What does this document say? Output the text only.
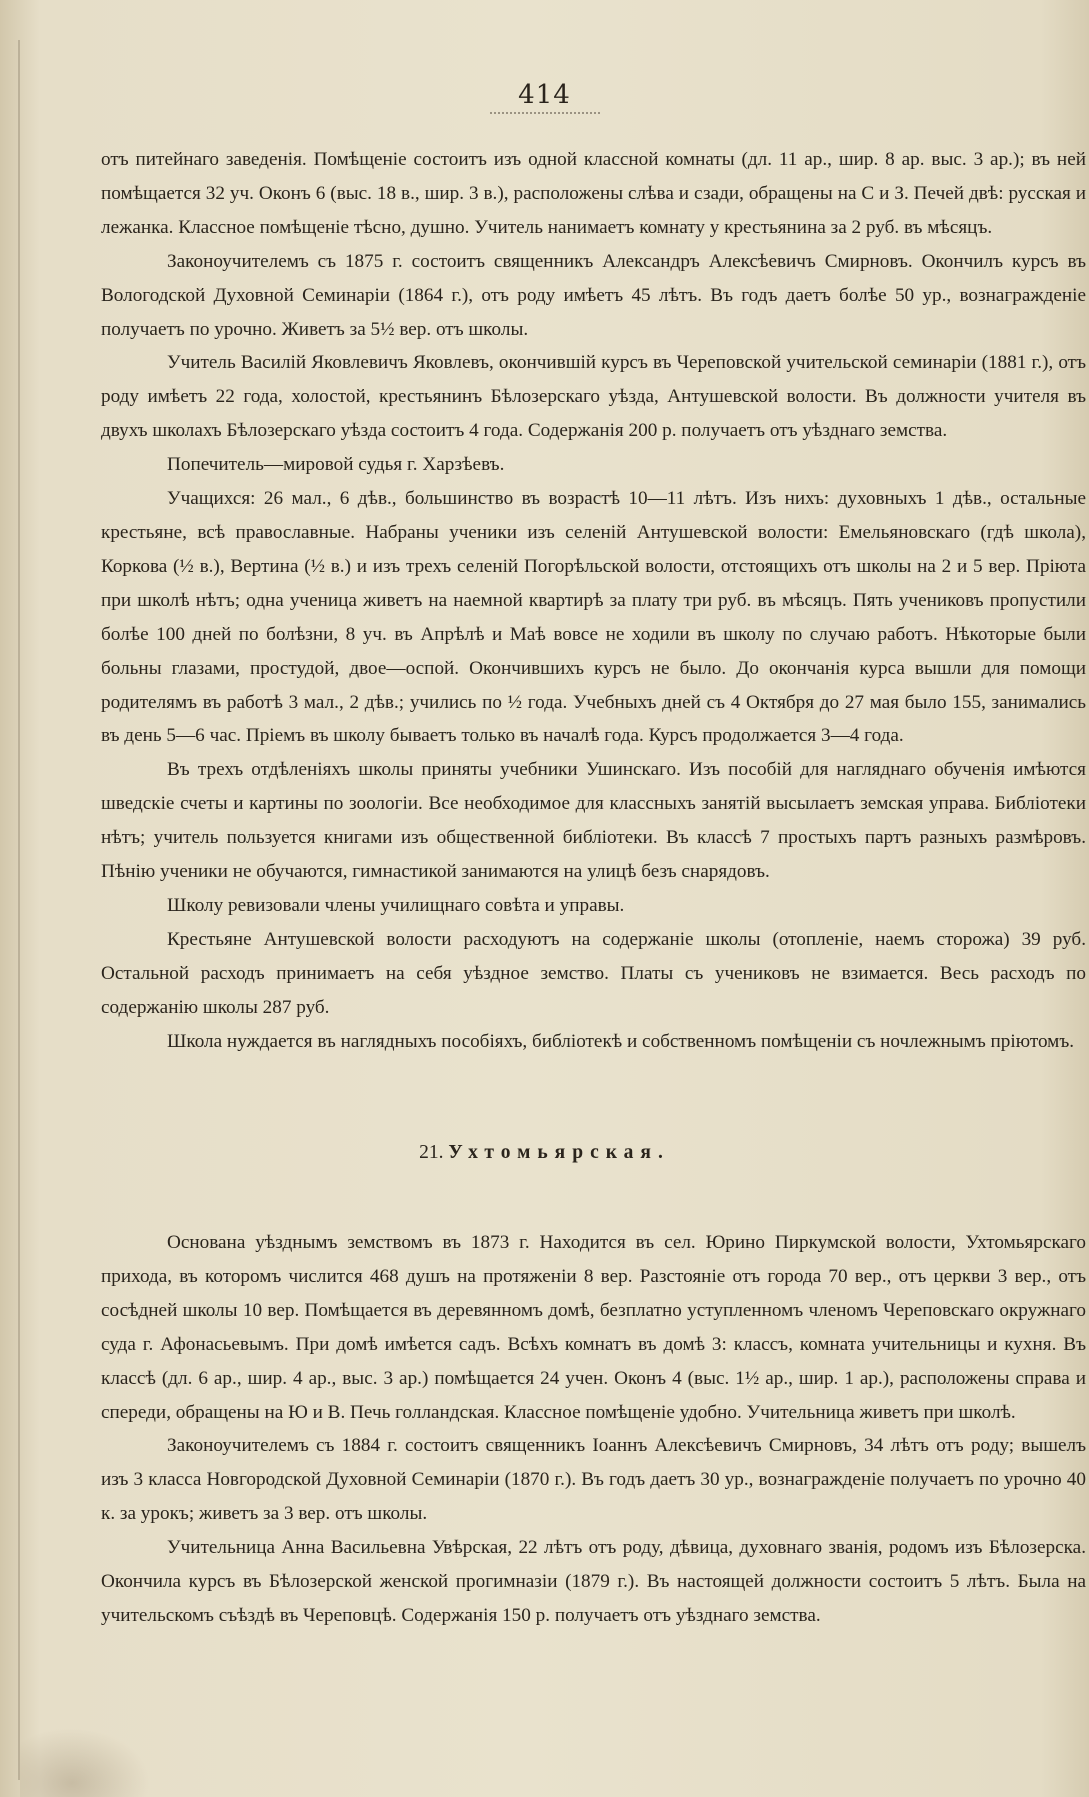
414

отъ питейнаго заведенія. Помѣщеніе состоитъ изъ одной классной комнаты (дл. 11 ар., шир. 8 ар. выс. 3 ар.); въ ней помѣщается 32 уч. Оконъ 6 (выс. 18 в., шир. 3 в.), расположены слѣва и сзади, обращены на С и З. Печей двѣ: русская и лежанка. Классное помѣщеніе тѣсно, душно. Учитель нанимаетъ комнату у крестьянина за 2 руб. въ мѣсяцъ.

Законоучителемъ съ 1875 г. состоитъ священникъ Александръ Алексѣевичъ Смирновъ. Окончилъ курсъ въ Вологодской Духовной Семинаріи (1864 г.), отъ роду имѣетъ 45 лѣтъ. Въ годъ даетъ болѣе 50 ур., вознагражденіе получаетъ по урочно. Живетъ за 5½ вер. отъ школы.

Учитель Василій Яковлевичъ Яковлевъ, окончившій курсъ въ Череповской учительской семинаріи (1881 г.), отъ роду имѣетъ 22 года, холостой, крестьянинъ Бѣлозерскаго уѣзда, Антушевской волости. Въ должности учителя въ двухъ школахъ Бѣлозерскаго уѣзда состоитъ 4 года. Содержанія 200 р. получаетъ отъ уѣзднаго земства.

Попечитель—мировой судья г. Харзѣевъ.

Учащихся: 26 мал., 6 дѣв., большинство въ возрастѣ 10—11 лѣтъ. Изъ нихъ: духовныхъ 1 дѣв., остальные крестьяне, всѣ православные. Набраны ученики изъ селеній Антушевской волости: Емельяновскаго (гдѣ школа), Коркова (½ в.), Вертина (½ в.) и изъ трехъ селеній Погорѣльской волости, отстоящихъ отъ школы на 2 и 5 вер. Пріюта при школѣ нѣтъ; одна ученица живетъ на наемной квартирѣ за плату три руб. въ мѣсяцъ. Пять учениковъ пропустили болѣе 100 дней по болѣзни, 8 уч. въ Апрѣлѣ и Маѣ вовсе не ходили въ школу по случаю работъ. Нѣкоторые были больны глазами, простудой, двое—оспой. Окончившихъ курсъ не было. До окончанія курса вышли для помощи родителямъ въ работѣ 3 мал., 2 дѣв.; учились по ½ года. Учебныхъ дней съ 4 Октября до 27 мая было 155, занимались въ день 5—6 час. Пріемъ въ школу бываетъ только въ началѣ года. Курсъ продолжается 3—4 года.

Въ трехъ отдѣленіяхъ школы приняты учебники Ушинскаго. Изъ пособій для нагляднаго обученія имѣются шведскіе счеты и картины по зоологіи. Все необходимое для классныхъ занятій высылаетъ земская управа. Библіотеки нѣтъ; учитель пользуется книгами изъ общественной библіотеки. Въ классѣ 7 простыхъ партъ разныхъ размѣровъ. Пѣнію ученики не обучаются, гимнастикой занимаются на улицѣ безъ снарядовъ.

Школу ревизовали члены училищнаго совѣта и управы.

Крестьяне Антушевской волости расходуютъ на содержаніе школы (отопленіе, наемъ сторожа) 39 руб. Остальной расходъ принимаетъ на себя уѣздное земство. Платы съ учениковъ не взимается. Весь расходъ по содержанію школы 287 руб.

Школа нуждается въ наглядныхъ пособіяхъ, библіотекѣ и собственномъ помѣщеніи съ ночлежнымъ пріютомъ.

21. Ухтомьярская.

Основана уѣзднымъ земствомъ въ 1873 г. Находится въ сел. Юрино Пиркумской волости, Ухтомьярскаго прихода, въ которомъ числится 468 душъ на протяженіи 8 вер. Разстояніе отъ города 70 вер., отъ церкви 3 вер., отъ сосѣдней школы 10 вер. Помѣщается въ деревянномъ домѣ, безплатно уступленномъ членомъ Череповскаго окружнаго суда г. Афонасьевымъ. При домѣ имѣется садъ. Всѣхъ комнатъ въ домѣ 3: классъ, комната учительницы и кухня. Въ классѣ (дл. 6 ар., шир. 4 ар., выс. 3 ар.) помѣщается 24 учен. Оконъ 4 (выс. 1½ ар., шир. 1 ар.), расположены справа и спереди, обращены на Ю и В. Печь голландская. Классное помѣщеніе удобно. Учительница живетъ при школѣ.

Законоучителемъ съ 1884 г. состоитъ священникъ Іоаннъ Алексѣевичъ Смирновъ, 34 лѣтъ отъ роду; вышелъ изъ 3 класса Новгородской Духовной Семинаріи (1870 г.). Въ годъ даетъ 30 ур., вознагражденіе получаетъ по урочно 40 к. за урокъ; живетъ за 3 вер. отъ школы.

Учительница Анна Васильевна Увѣрская, 22 лѣтъ отъ роду, дѣвица, духовнаго званія, родомъ изъ Бѣлозерска. Окончила курсъ въ Бѣлозерской женской прогимназіи (1879 г.). Въ настоящей должности состоитъ 5 лѣтъ. Была на учительскомъ съѣздѣ въ Череповцѣ. Содержанія 150 р. получаетъ отъ уѣзднаго земства.
